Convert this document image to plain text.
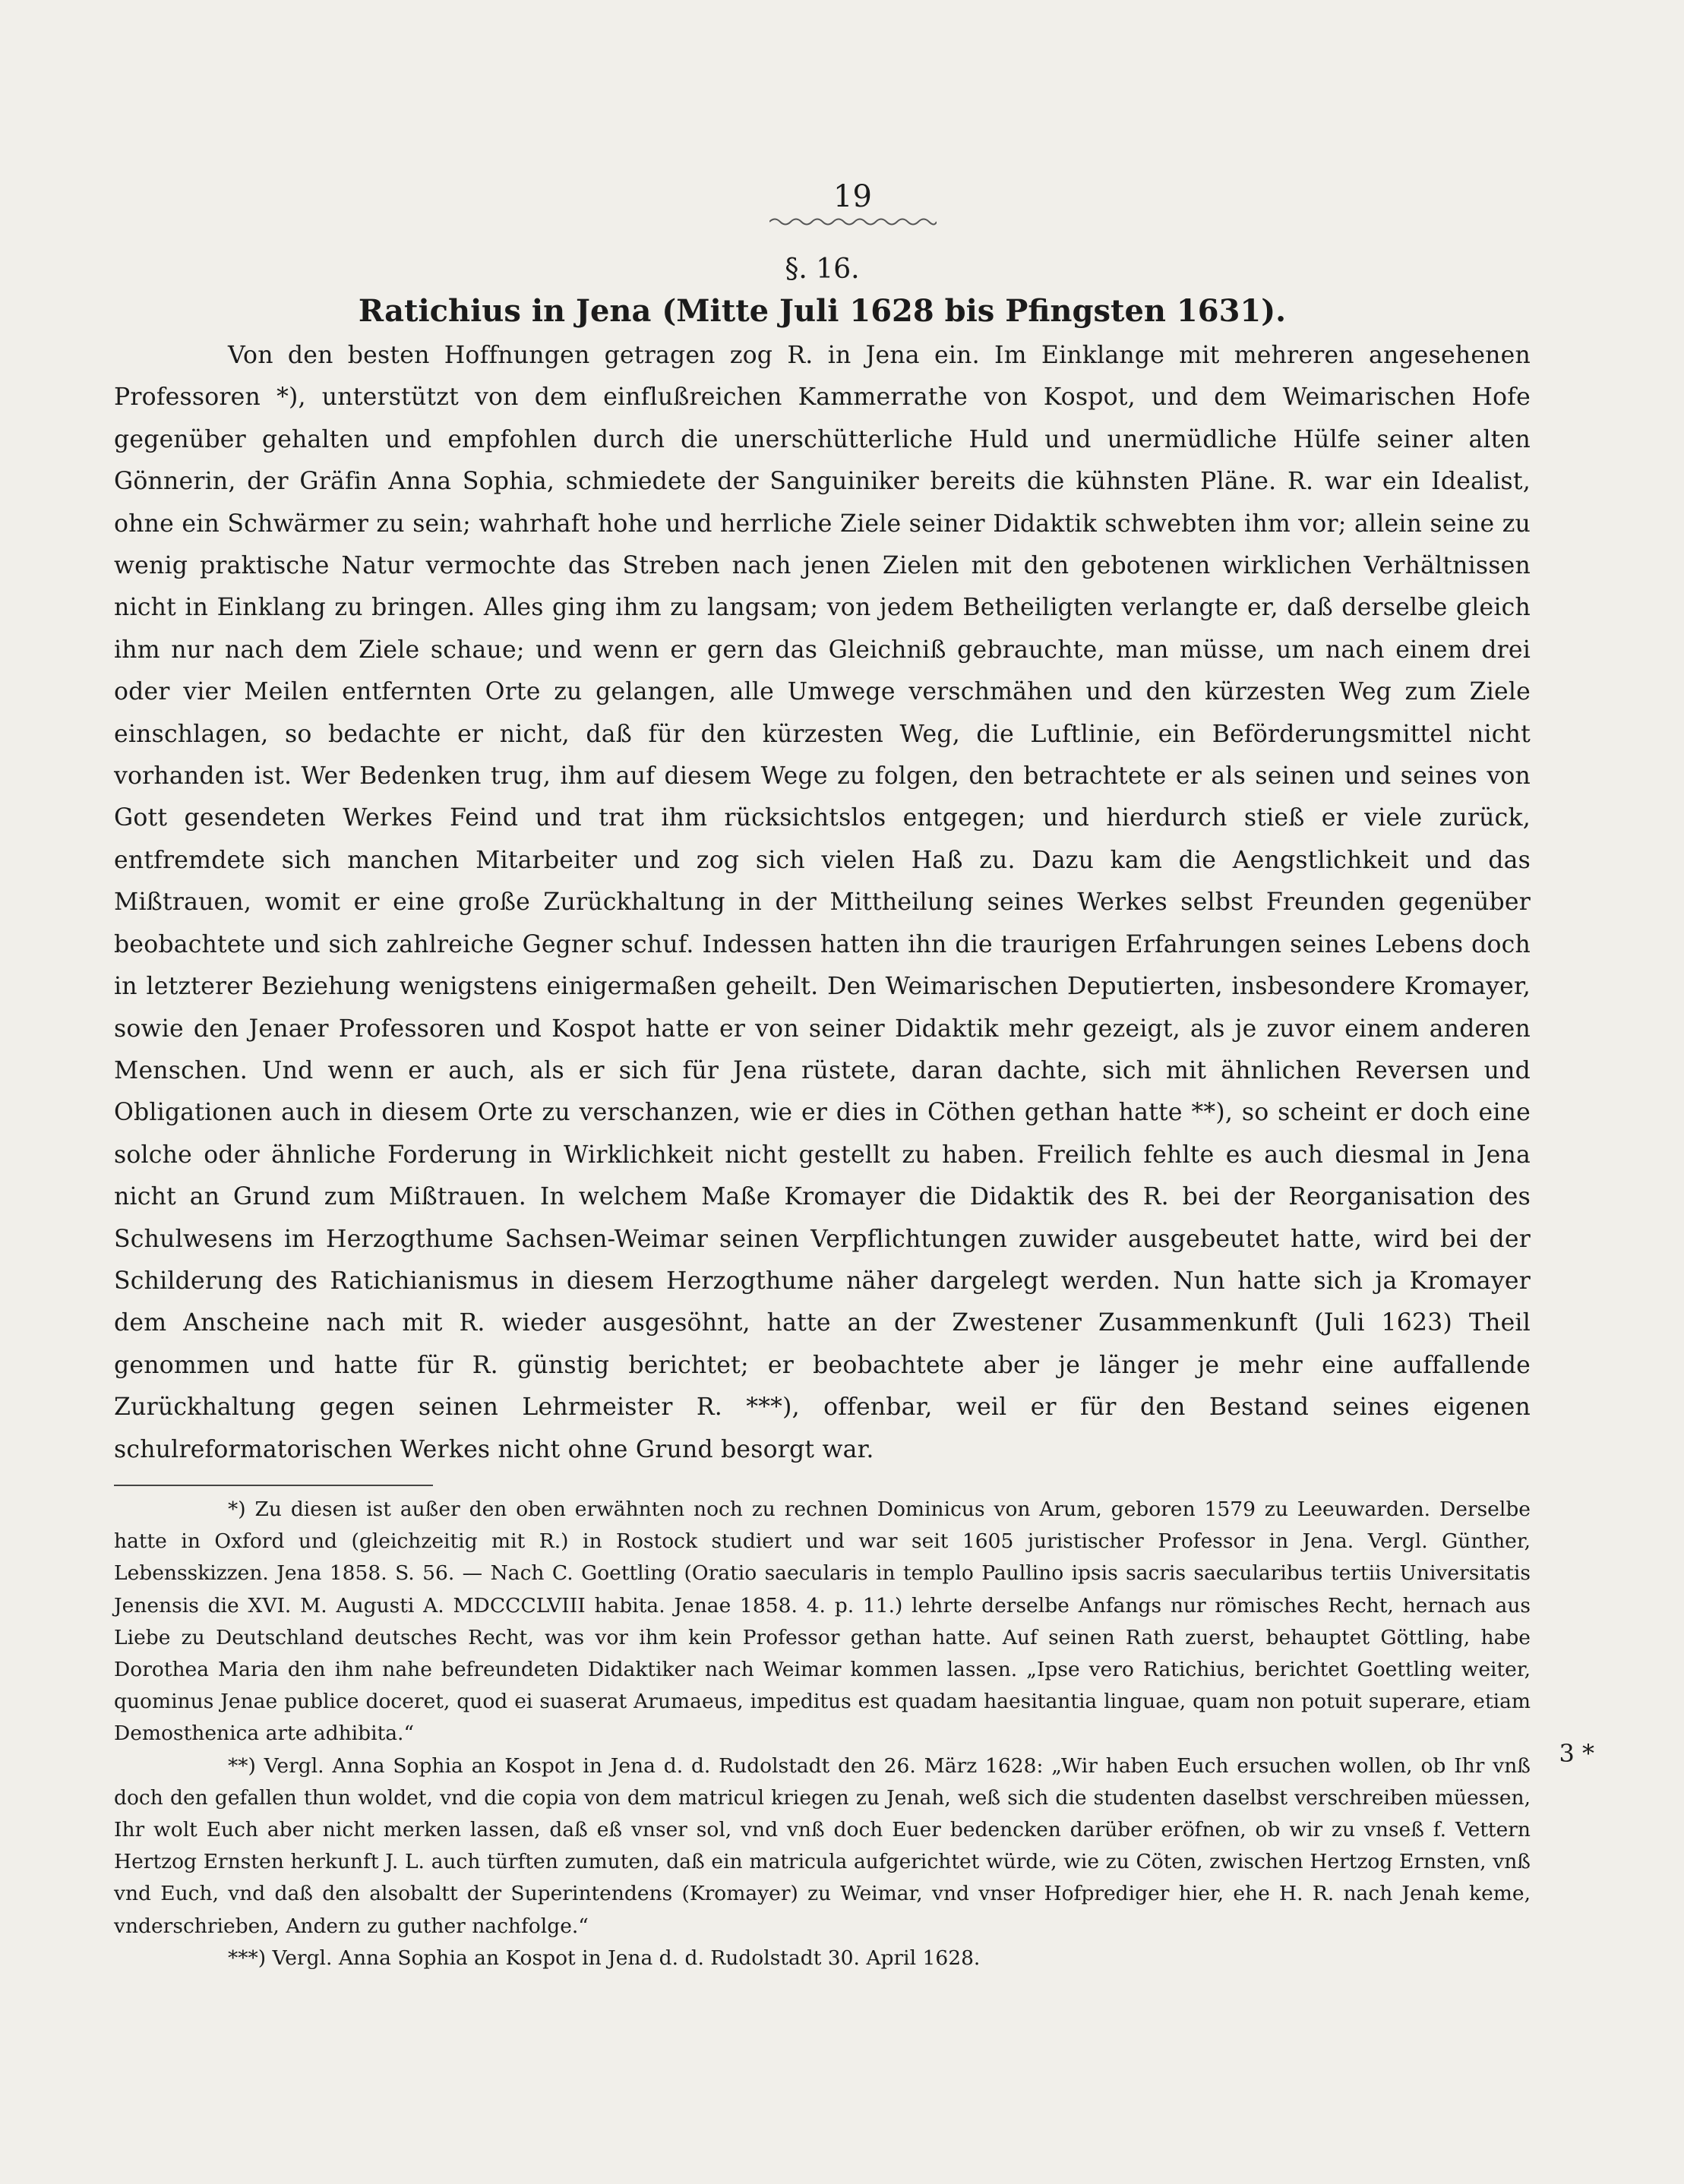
19
§. 16.
Ratichius in Jena (Mitte Juli 1628 bis Pfingsten 1631).

Von den besten Hoffnungen getragen zog R. in Jena ein. Im Einklange mit mehreren angesehenen Professoren *), unterstützt von dem einflußreichen Kammerrathe von Kospot, und dem Weimarischen Hofe gegenüber gehalten und empfohlen durch die unerschütterliche Huld und unermüdliche Hülfe seiner alten Gönnerin, der Gräfin Anna Sophia, schmiedete der Sanguiniker bereits die kühnsten Pläne. R. war ein Idealist, ohne ein Schwärmer zu sein; wahrhaft hohe und herrliche Ziele seiner Didaktik schwebten ihm vor; allein seine zu wenig praktische Natur vermochte das Streben nach jenen Zielen mit den gebotenen wirklichen Verhältnissen nicht in Einklang zu bringen. Alles ging ihm zu langsam; von jedem Betheiligten verlangte er, daß derselbe gleich ihm nur nach dem Ziele schaue; und wenn er gern das Gleichniß gebrauchte, man müsse, um nach einem drei oder vier Meilen entfernten Orte zu gelangen, alle Umwege verschmähen und den kürzesten Weg zum Ziele einschlagen, so bedachte er nicht, daß für den kürzesten Weg, die Luftlinie, ein Beförderungsmittel nicht vorhanden ist. Wer Bedenken trug, ihm auf diesem Wege zu folgen, den betrachtete er als seinen und seines von Gott gesendeten Werkes Feind und trat ihm rücksichtslos entgegen; und hierdurch stieß er viele zurück, entfremdete sich manchen Mitarbeiter und zog sich vielen Haß zu. Dazu kam die Aengstlichkeit und das Mißtrauen, womit er eine große Zurückhaltung in der Mittheilung seines Werkes selbst Freunden gegenüber beobachtete und sich zahlreiche Gegner schuf. Indessen hatten ihn die traurigen Erfahrungen seines Lebens doch in letzterer Beziehung wenigstens einigermaßen geheilt. Den Weimarischen Deputierten, insbesondere Kromayer, sowie den Jenaer Professoren und Kospot hatte er von seiner Didaktik mehr gezeigt, als je zuvor einem anderen Menschen. Und wenn er auch, als er sich für Jena rüstete, daran dachte, sich mit ähnlichen Reversen und Obligationen auch in diesem Orte zu verschanzen, wie er dies in Cöthen gethan hatte **), so scheint er doch eine solche oder ähnliche Forderung in Wirklichkeit nicht gestellt zu haben. Freilich fehlte es auch diesmal in Jena nicht an Grund zum Mißtrauen. In welchem Maße Kromayer die Didaktik des R. bei der Reorganisation des Schulwesens im Herzogthume Sachsen-Weimar seinen Verpflichtungen zuwider ausgebeutet hatte, wird bei der Schilderung des Ratichianismus in diesem Herzogthume näher dargelegt werden. Nun hatte sich ja Kromayer dem Anscheine nach mit R. wieder ausgesöhnt, hatte an der Zwestener Zusammenkunft (Juli 1623) Theil genommen und hatte für R. günstig berichtet; er beobachtete aber je länger je mehr eine auffallende Zurückhaltung gegen seinen Lehrmeister R. ***), offenbar, weil er für den Bestand seines eigenen schulreformatorischen Werkes nicht ohne Grund besorgt war.

*) Zu diesen ist außer den oben erwähnten noch zu rechnen Dominicus von Arum, geboren 1579 zu Leeuwarden. Derselbe hatte in Oxford und (gleichzeitig mit R.) in Rostock studiert und war seit 1605 juristischer Professor in Jena. Vergl. Günther, Lebensskizzen. Jena 1858. S. 56. — Nach C. Goettling (Oratio saecularis in templo Paullino ipsis sacris saecularibus tertiis Universitatis Jenensis die XVI. M. Augusti A. MDCCCLVIII habita. Jenae 1858. 4. p. 11.) lehrte derselbe Anfangs nur römisches Recht, hernach aus Liebe zu Deutschland deutsches Recht, was vor ihm kein Professor gethan hatte. Auf seinen Rath zuerst, behauptet Göttling, habe Dorothea Maria den ihm nahe befreundeten Didaktiker nach Weimar kommen lassen. „Ipse vero Ratichius, berichtet Goettling weiter, quominus Jenae publice doceret, quod ei suaserat Arumaeus, impeditus est quadam haesitantia linguae, quam non potuit superare, etiam Demosthenica arte adhibita.“

**) Vergl. Anna Sophia an Kospot in Jena d. d. Rudolstadt den 26. März 1628: „Wir haben Euch ersuchen wollen, ob Ihr vnß doch den gefallen thun woldet, vnd die copia von dem matricul kriegen zu Jenah, weß sich die studenten daselbst verschreiben müessen, Ihr wolt Euch aber nicht merken lassen, daß eß vnser sol, vnd vnß doch Euer bedencken darüber eröfnen, ob wir zu vnseß f. Vettern Hertzog Ernsten herkunft J. L. auch türften zumuten, daß ein matricula aufgerichtet würde, wie zu Cöten, zwischen Hertzog Ernsten, vnß vnd Euch, vnd daß den alsobaltt der Superintendens (Kromayer) zu Weimar, vnd vnser Hofprediger hier, ehe H. R. nach Jenah keme, vnderschrieben, Andern zu guther nachfolge.“

***) Vergl. Anna Sophia an Kospot in Jena d. d. Rudolstadt 30. April 1628.

3 *
